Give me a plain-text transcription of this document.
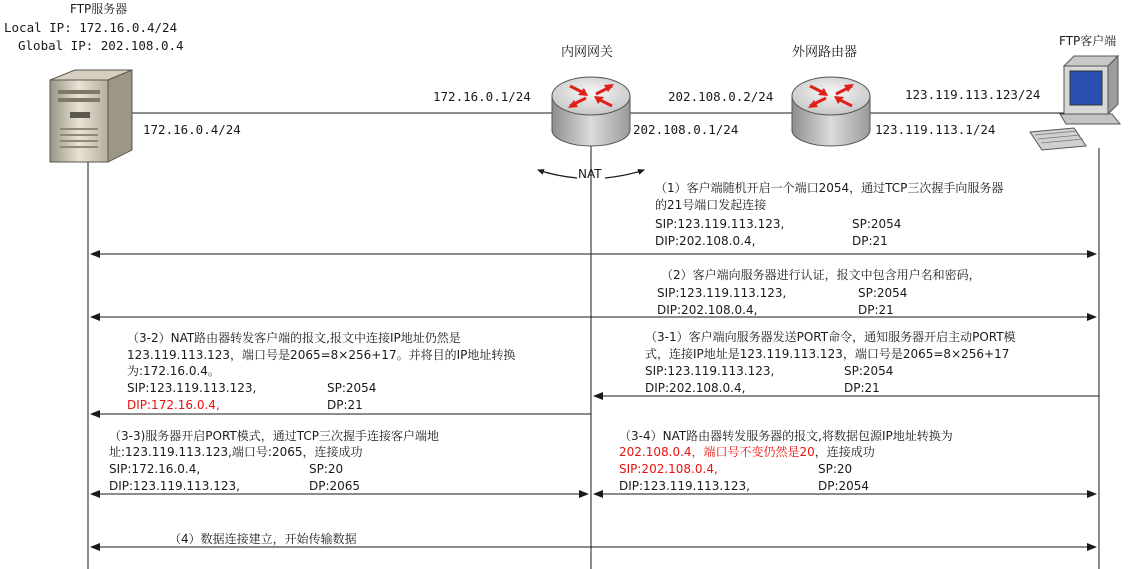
FTP服务器
Local IP: 172.16.0.4/24
Global IP: 202.108.0.4
172.16.0.4/24
内网网关
172.16.0.1/24
202.108.0.1/24
NAT
外网路由器
202.108.0.2/24
123.119.113.1/24
FTP客户端
123.119.113.123/24
（1）客户端随机开启一个端口2054，通过TCP三次握手向服务器
的21号端口发起连接
SIP:123.119.113.123,	SP:2054
DIP:202.108.0.4,	DP:21
（2）客户端向服务器进行认证，报文中包含用户名和密码，
SIP:123.119.113.123,	SP:2054
DIP:202.108.0.4,	DP:21
（3-1）客户端向服务器发送PORT命令，通知服务器开启主动PORT模
式，连接IP地址是123.119.113.123，端口号是2065=8×256+17
SIP:123.119.113.123,	SP:2054
DIP:202.108.0.4,	DP:21
（3-2）NAT路由器转发客户端的报文,报文中连接IP地址仍然是
123.119.113.123，端口号是2065=8×256+17。并将目的IP地址转换
为:172.16.0.4。
SIP:123.119.113.123,	SP:2054
DIP:172.16.0.4,	DP:21
（3-3)服务器开启PORT模式，通过TCP三次握手连接客户端地
址:123.119.113.123,端口号:2065，连接成功
SIP:172.16.0.4,	SP:20
DIP:123.119.113.123,	DP:2065
（3-4）NAT路由器转发服务器的报文,将数据包源IP地址转换为
202.108.0.4，端口号不变仍然是20，连接成功
SIP:202.108.0.4,	SP:20
DIP:123.119.113.123,	DP:2054
（4）数据连接建立，开始传输数据
